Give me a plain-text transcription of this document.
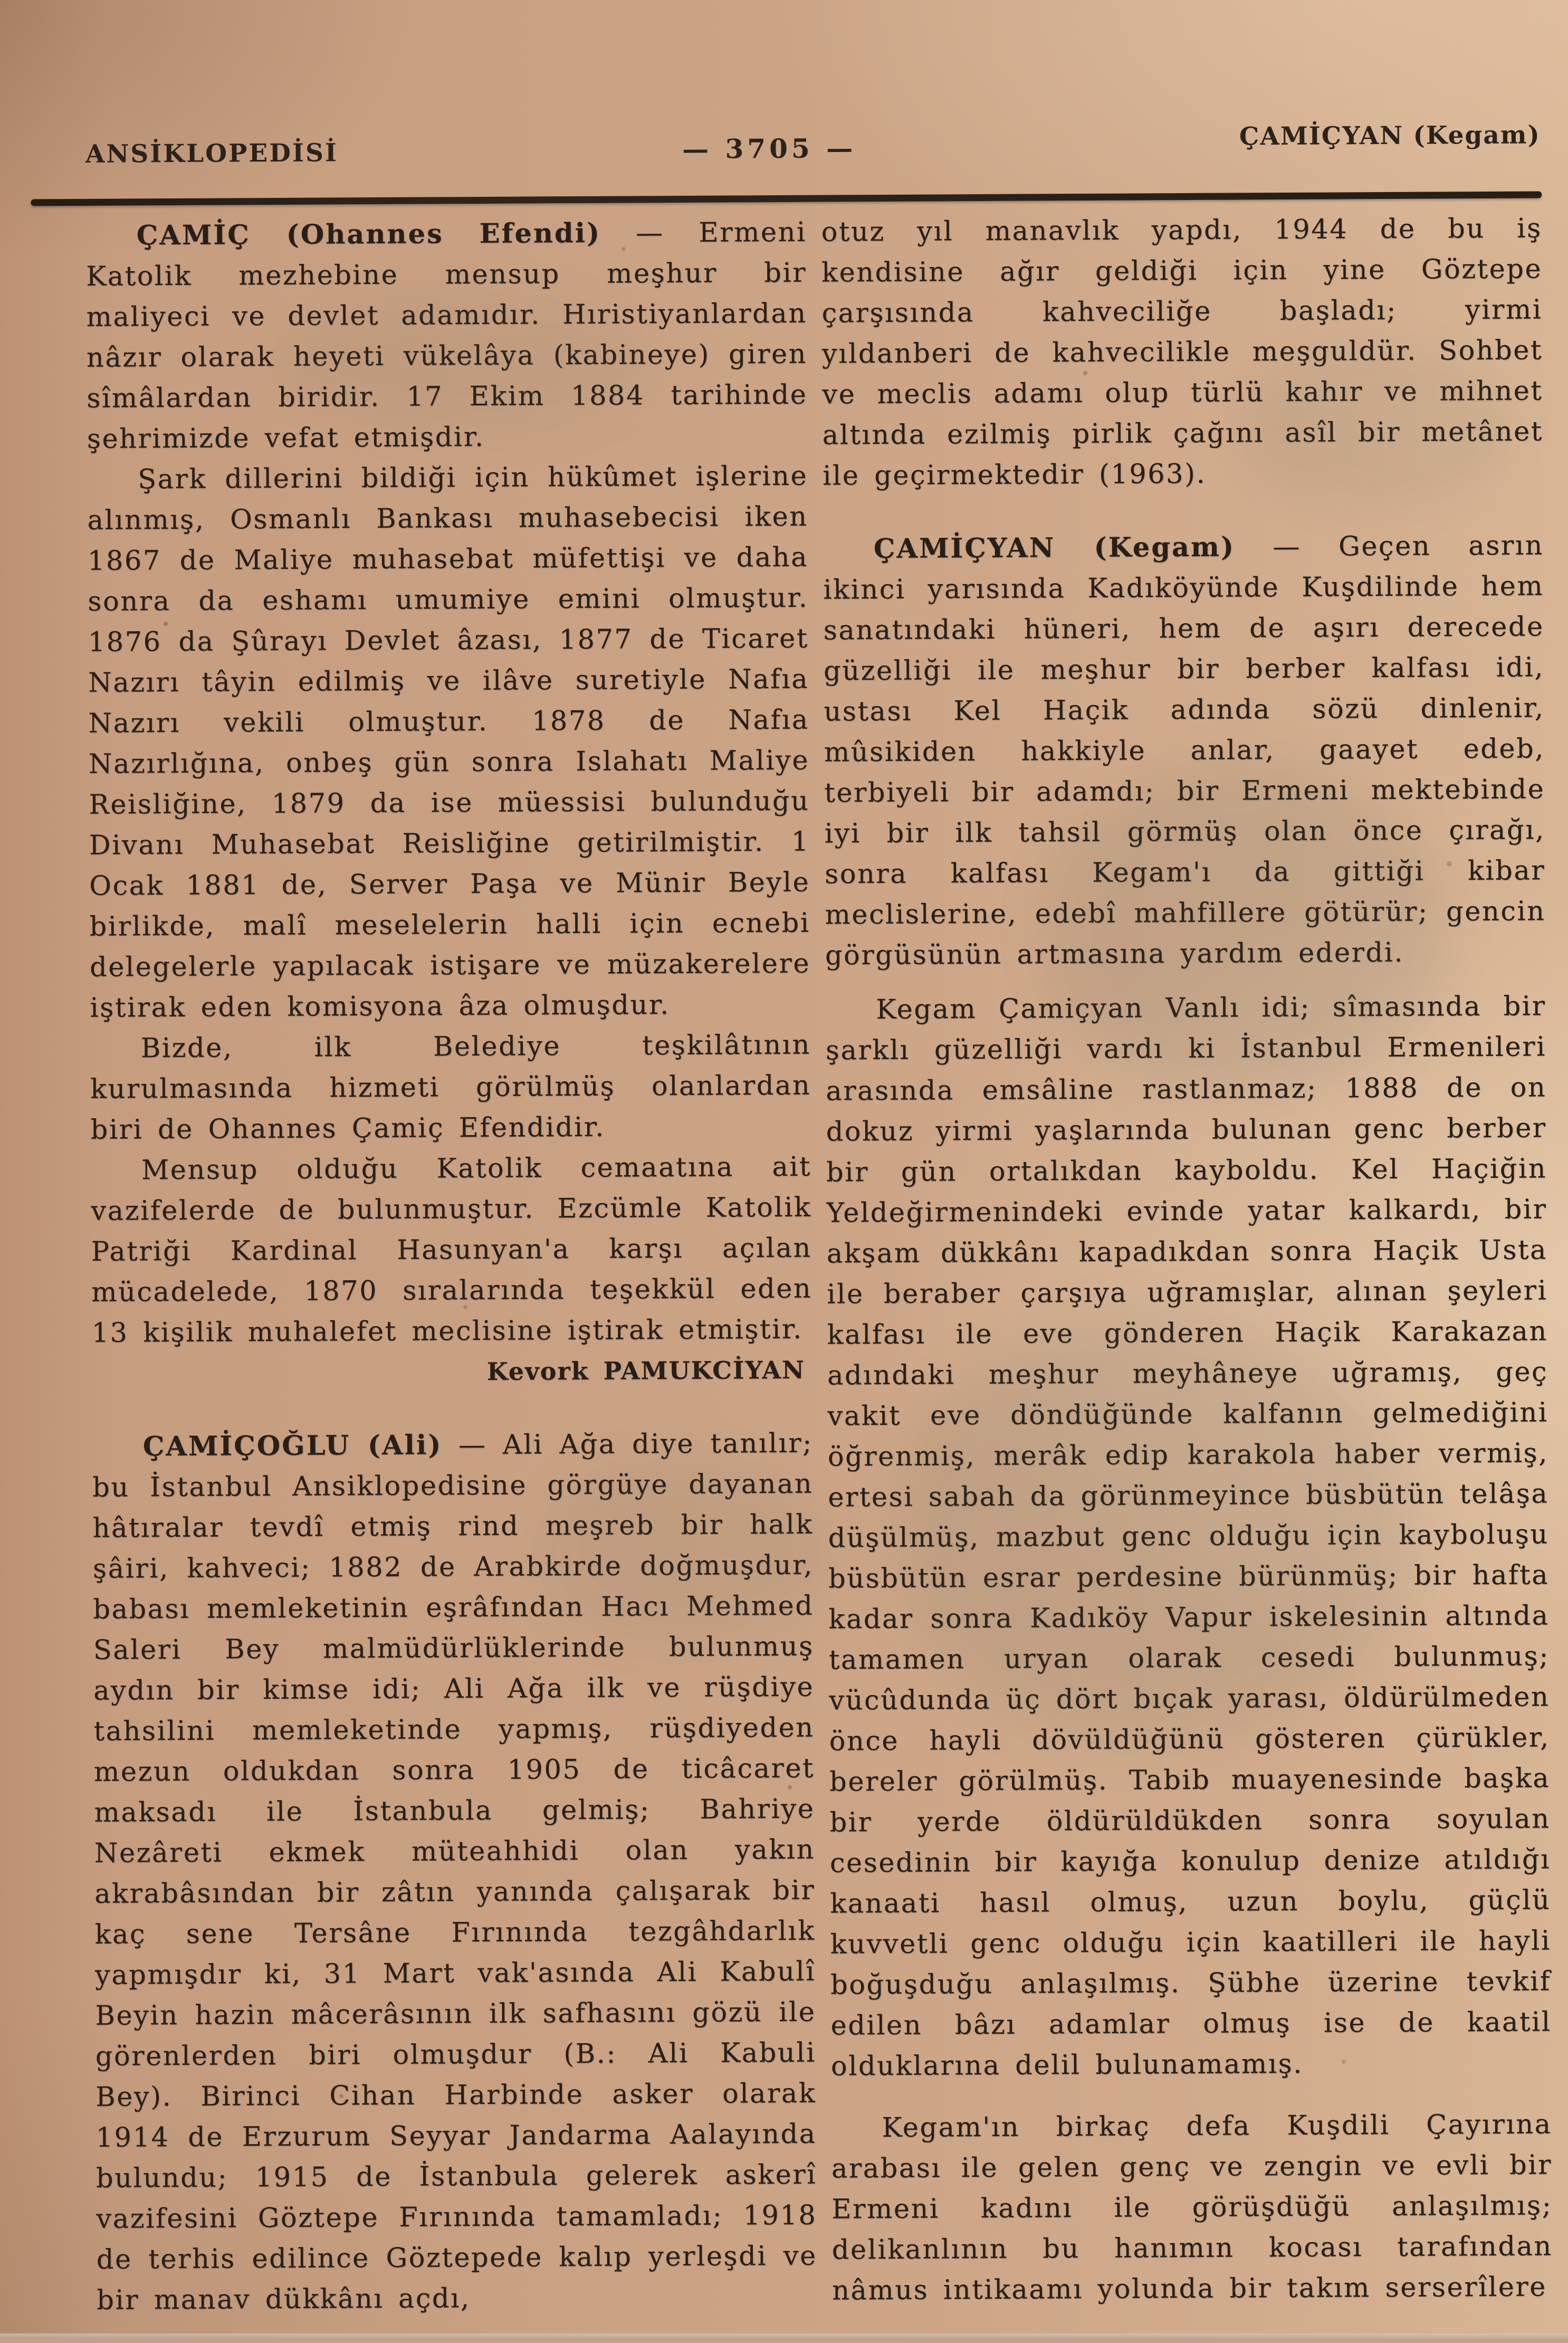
ANSİKLOPEDİSİ	— 3705 —	ÇAMİÇYAN (Kegam)

ÇAMİÇ (Ohannes Efendi) — Ermeni Katolik mezhebine mensup meşhur bir maliyeci ve devlet adamıdır. Hıristiyanlardan nâzır olarak heyeti vükelâya (kabineye) giren sîmâlardan biridir. 17 Ekim 1884 tarihinde şehrimizde vefat etmişdir.

Şark dillerini bildiği için hükûmet işlerine alınmış, Osmanlı Bankası muhasebecisi iken 1867 de Maliye muhasebat müfettişi ve daha sonra da eshamı umumiye emini olmuştur. 1876 da Şûrayı Devlet âzası, 1877 de Ticaret Nazırı tâyin edilmiş ve ilâve suretiyle Nafıa Nazırı vekili olmuştur. 1878 de Nafıa Nazırlığına, onbeş gün sonra Islahatı Maliye Reisliğine, 1879 da ise müessisi bulunduğu Divanı Muhasebat Reisliğine getirilmiştir. 1 Ocak 1881 de, Server Paşa ve Münir Beyle birlikde, malî meselelerin halli için ecnebi delegelerle yapılacak istişare ve müzakerelere iştirak eden komisyona âza olmuşdur.

Bizde, ilk Belediye teşkilâtının kurulmasında hizmeti görülmüş olanlardan biri de Ohannes Çamiç Efendidir.

Mensup olduğu Katolik cemaatına ait vazifelerde de bulunmuştur. Ezcümle Katolik Patriği Kardinal Hasunyan'a karşı açılan mücadelede, 1870 sıralarında teşekkül eden 13 kişilik muhalefet meclisine iştirak etmiştir.

Kevork PAMUKCİYAN

ÇAMİÇOĞLU (Ali) — Ali Ağa diye tanılır; bu İstanbul Ansiklopedisine görgüye dayanan hâtıralar tevdî etmiş rind meşreb bir halk şâiri, kahveci; 1882 de Arabkirde doğmuşdur, babası memleketinin eşrâfından Hacı Mehmed Saleri Bey malmüdürlüklerinde bulunmuş aydın bir kimse idi; Ali Ağa ilk ve rüşdiye tahsilini memleketinde yapmış, rüşdiyeden mezun oldukdan sonra 1905 de ticâcaret maksadı ile İstanbula gelmiş; Bahriye Nezâreti ekmek müteahhidi olan yakın akrabâsından bir zâtın yanında çalışarak bir kaç sene Tersâne Fırınında tezgâhdarlık yapmışdır ki, 31 Mart vak'asında Ali Kabulî Beyin hazin mâcerâsının ilk safhasını gözü ile görenlerden biri olmuşdur (B.: Ali Kabuli Bey). Birinci Cihan Harbinde asker olarak 1914 de Erzurum Seyyar Jandarma Aalayında bulundu; 1915 de İstanbula gelerek askerî vazifesini Göztepe Fırınında tamamladı; 1918 de terhis edilince Göztepede kalıp yerleşdi ve bir manav dükkânı açdı,

otuz yıl manavlık yapdı, 1944 de bu iş kendisine ağır geldiği için yine Göztepe çarşısında kahveciliğe başladı; yirmi yıldanberi de kahvecilikle meşguldür. Sohbet ve meclis adamı olup türlü kahır ve mihnet altında ezilmiş pirlik çağını asîl bir metânet ile geçirmektedir (1963).

ÇAMİÇYAN (Kegam) — Geçen asrın ikinci yarısında Kadıköyünde Kuşdilinde hem sanatındaki hüneri, hem de aşırı derecede güzelliği ile meşhur bir berber kalfası idi, ustası Kel Haçik adında sözü dinlenir, mûsikiden hakkiyle anlar, gaayet edeb, terbiyeli bir adamdı; bir Ermeni mektebinde iyi bir ilk tahsil görmüş olan önce çırağı, sonra kalfası Kegam'ı da gittiği kibar meclislerine, edebî mahfillere götürür; gencin görgüsünün artmasına yardım ederdi.

Kegam Çamiçyan Vanlı idi; sîmasında bir şarklı güzelliği vardı ki İstanbul Ermenileri arasında emsâline rastlanmaz; 1888 de on dokuz yirmi yaşlarında bulunan genc berber bir gün ortalıkdan kayboldu. Kel Haçiğin Yeldeğirmenindeki evinde yatar kalkardı, bir akşam dükkânı kapadıkdan sonra Haçik Usta ile beraber çarşıya uğramışlar, alınan şeyleri kalfası ile eve gönderen Haçik Karakazan adındaki meşhur meyhâneye uğramış, geç vakit eve döndüğünde kalfanın gelmediğini öğrenmiş, merâk edip karakola haber vermiş, ertesi sabah da görünmeyince büsbütün telâşa düşülmüş, mazbut genc olduğu için kayboluşu büsbütün esrar perdesine bürünmüş; bir hafta kadar sonra Kadıköy Vapur iskelesinin altında tamamen uryan olarak cesedi bulunmuş; vücûdunda üç dört bıçak yarası, öldürülmeden önce hayli dövüldüğünü gösteren çürükler, bereler görülmüş. Tabib muayenesinde başka bir yerde öldürüldükden sonra soyulan cesedinin bir kayığa konulup denize atıldığı kanaati hasıl olmuş, uzun boylu, güçlü kuvvetli genc olduğu için kaatilleri ile hayli boğuşduğu anlaşılmış. Şübhe üzerine tevkif edilen bâzı adamlar olmuş ise de kaatil olduklarına delil bulunamamış.

Kegam'ın birkaç defa Kuşdili Çayırına arabası ile gelen genç ve zengin ve evli bir Ermeni kadını ile görüşdüğü anlaşılmış; delikanlının bu hanımın kocası tarafından nâmus intikaamı yolunda bir takım serserîlere
